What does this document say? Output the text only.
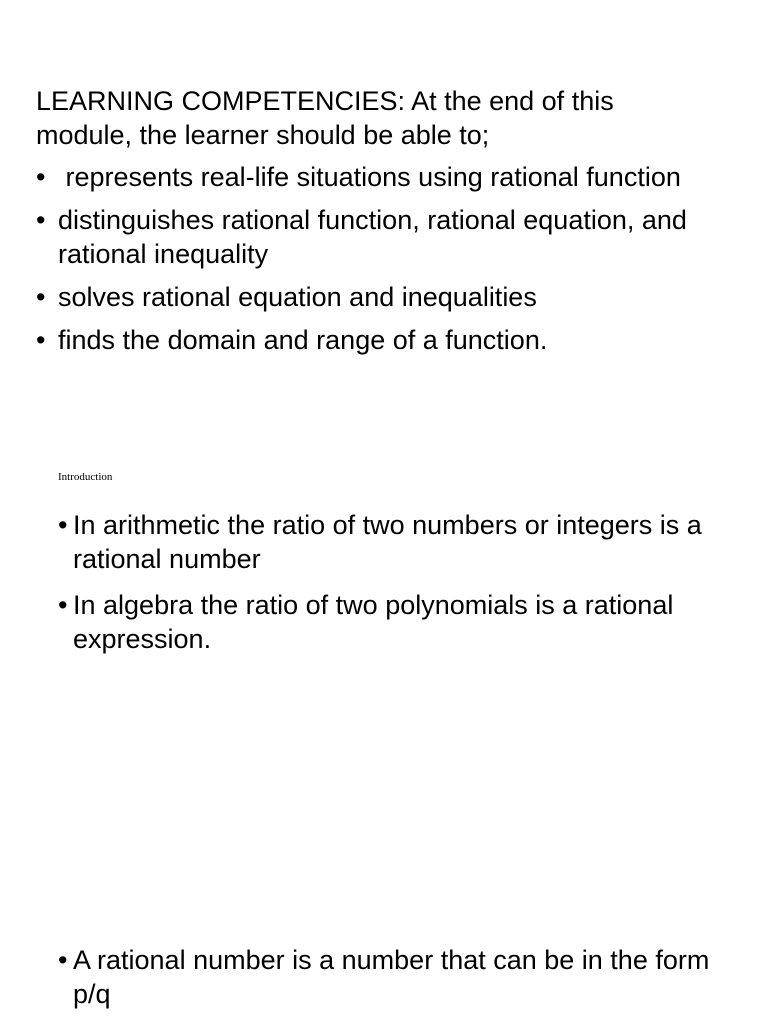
LEARNING COMPETENCIES: At the end of this
module, the learner should be able to;
• represents real-life situations using rational function
• distinguishes rational function, rational equation, and rational inequality
• solves rational equation and inequalities
• finds the domain and range of a function.

Introduction

• In arithmetic the ratio of two numbers or integers is a rational number
• In algebra the ratio of two polynomials is a rational expression.
• A rational number is a number that can be in the form p/q
